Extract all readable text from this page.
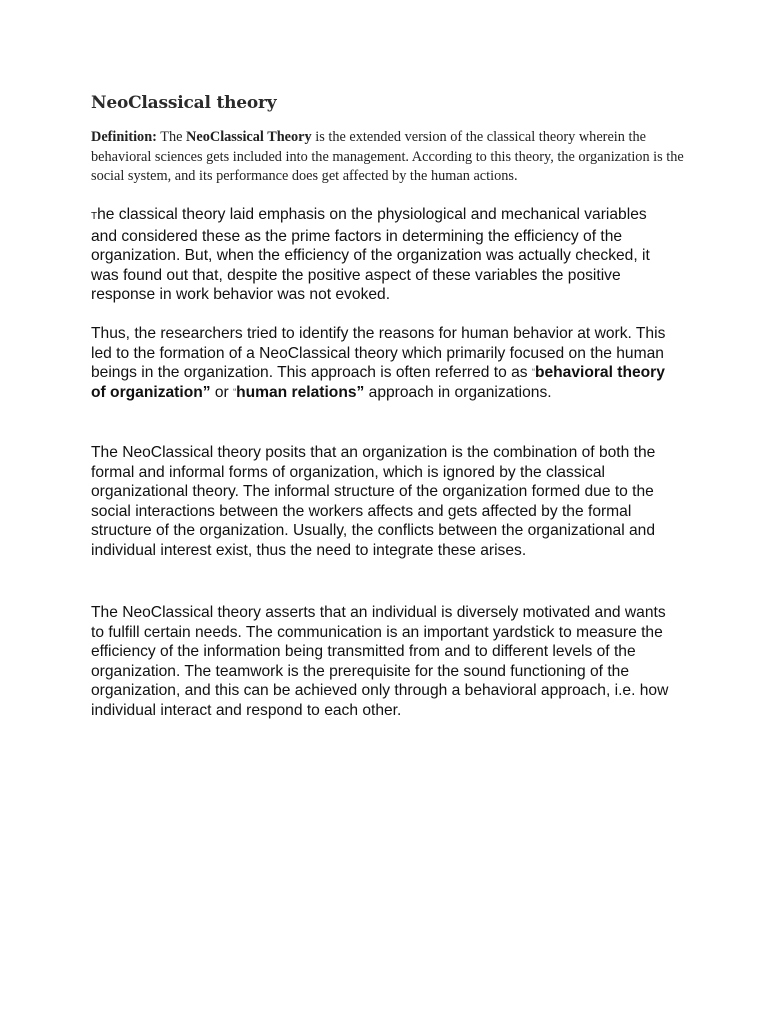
NeoClassical theory

Definition: The NeoClassical Theory is the extended version of the classical theory wherein the behavioral sciences gets included into the management. According to this theory, the organization is the social system, and its performance does get affected by the human actions.

The classical theory laid emphasis on the physiological and mechanical variables and considered these as the prime factors in determining the efficiency of the organization. But, when the efficiency of the organization was actually checked, it was found out that, despite the positive aspect of these variables the positive response in work behavior was not evoked.

Thus, the researchers tried to identify the reasons for human behavior at work. This led to the formation of a NeoClassical theory which primarily focused on the human beings in the organization. This approach is often referred to as “behavioral theory of organization” or “human relations” approach in organizations.

The NeoClassical theory posits that an organization is the combination of both the formal and informal forms of organization, which is ignored by the classical organizational theory. The informal structure of the organization formed due to the social interactions between the workers affects and gets affected by the formal structure of the organization. Usually, the conflicts between the organizational and individual interest exist, thus the need to integrate these arises.

The NeoClassical theory asserts that an individual is diversely motivated and wants to fulfill certain needs. The communication is an important yardstick to measure the efficiency of the information being transmitted from and to different levels of the organization. The teamwork is the prerequisite for the sound functioning of the organization, and this can be achieved only through a behavioral approach, i.e. how individual interact and respond to each other.
